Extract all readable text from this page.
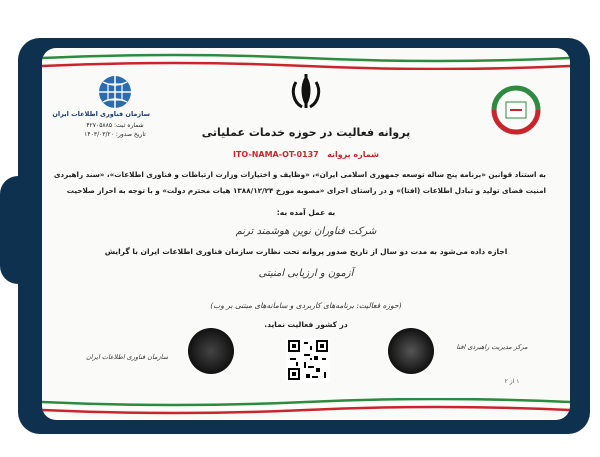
سازمان فناوری اطلاعات ایران
شماره ثبت: ۴۲۷۰۵۸۸۵
تاریخ صدور: ۱۴۰۳/۰۳/۲۰	پروانه فعالیت در حوزه خدمات عملیاتی
ITO-NAMA-OT-0137 شماره پروانه
به استناد قوانین «برنامه پنج ساله توسعه جمهوری اسلامی ایران»، «وظایف و اختیارات وزارت ارتباطات و فناوری اطلاعات»، «سند راهبردی
امنیت فضای تولید و تبادل اطلاعات (افتا)» و در راستای اجرای «مصوبه مورخ ۱۳۸۸/۱۲/۲۴ هیات محترم دولت» و با توجه به احراز صلاحیت
به عمل آمده به:
شرکت فناوران نوین هوشمند ترنم
اجازه داده می‌شود به مدت دو سال از تاریخ صدور پروانه تحت نظارت سازمان فناوری اطلاعات ایران با گرایش
آزمون و ارزیابی امنیتی
(حوزه فعالیت: برنامه‌های کاربردی و سامانه‌های مبتنی بر وب)
در کشور فعالیت نماید.
سازمان فناوری اطلاعات ایران
مرکز مدیریت راهبردی افتا
۱ از ۲
